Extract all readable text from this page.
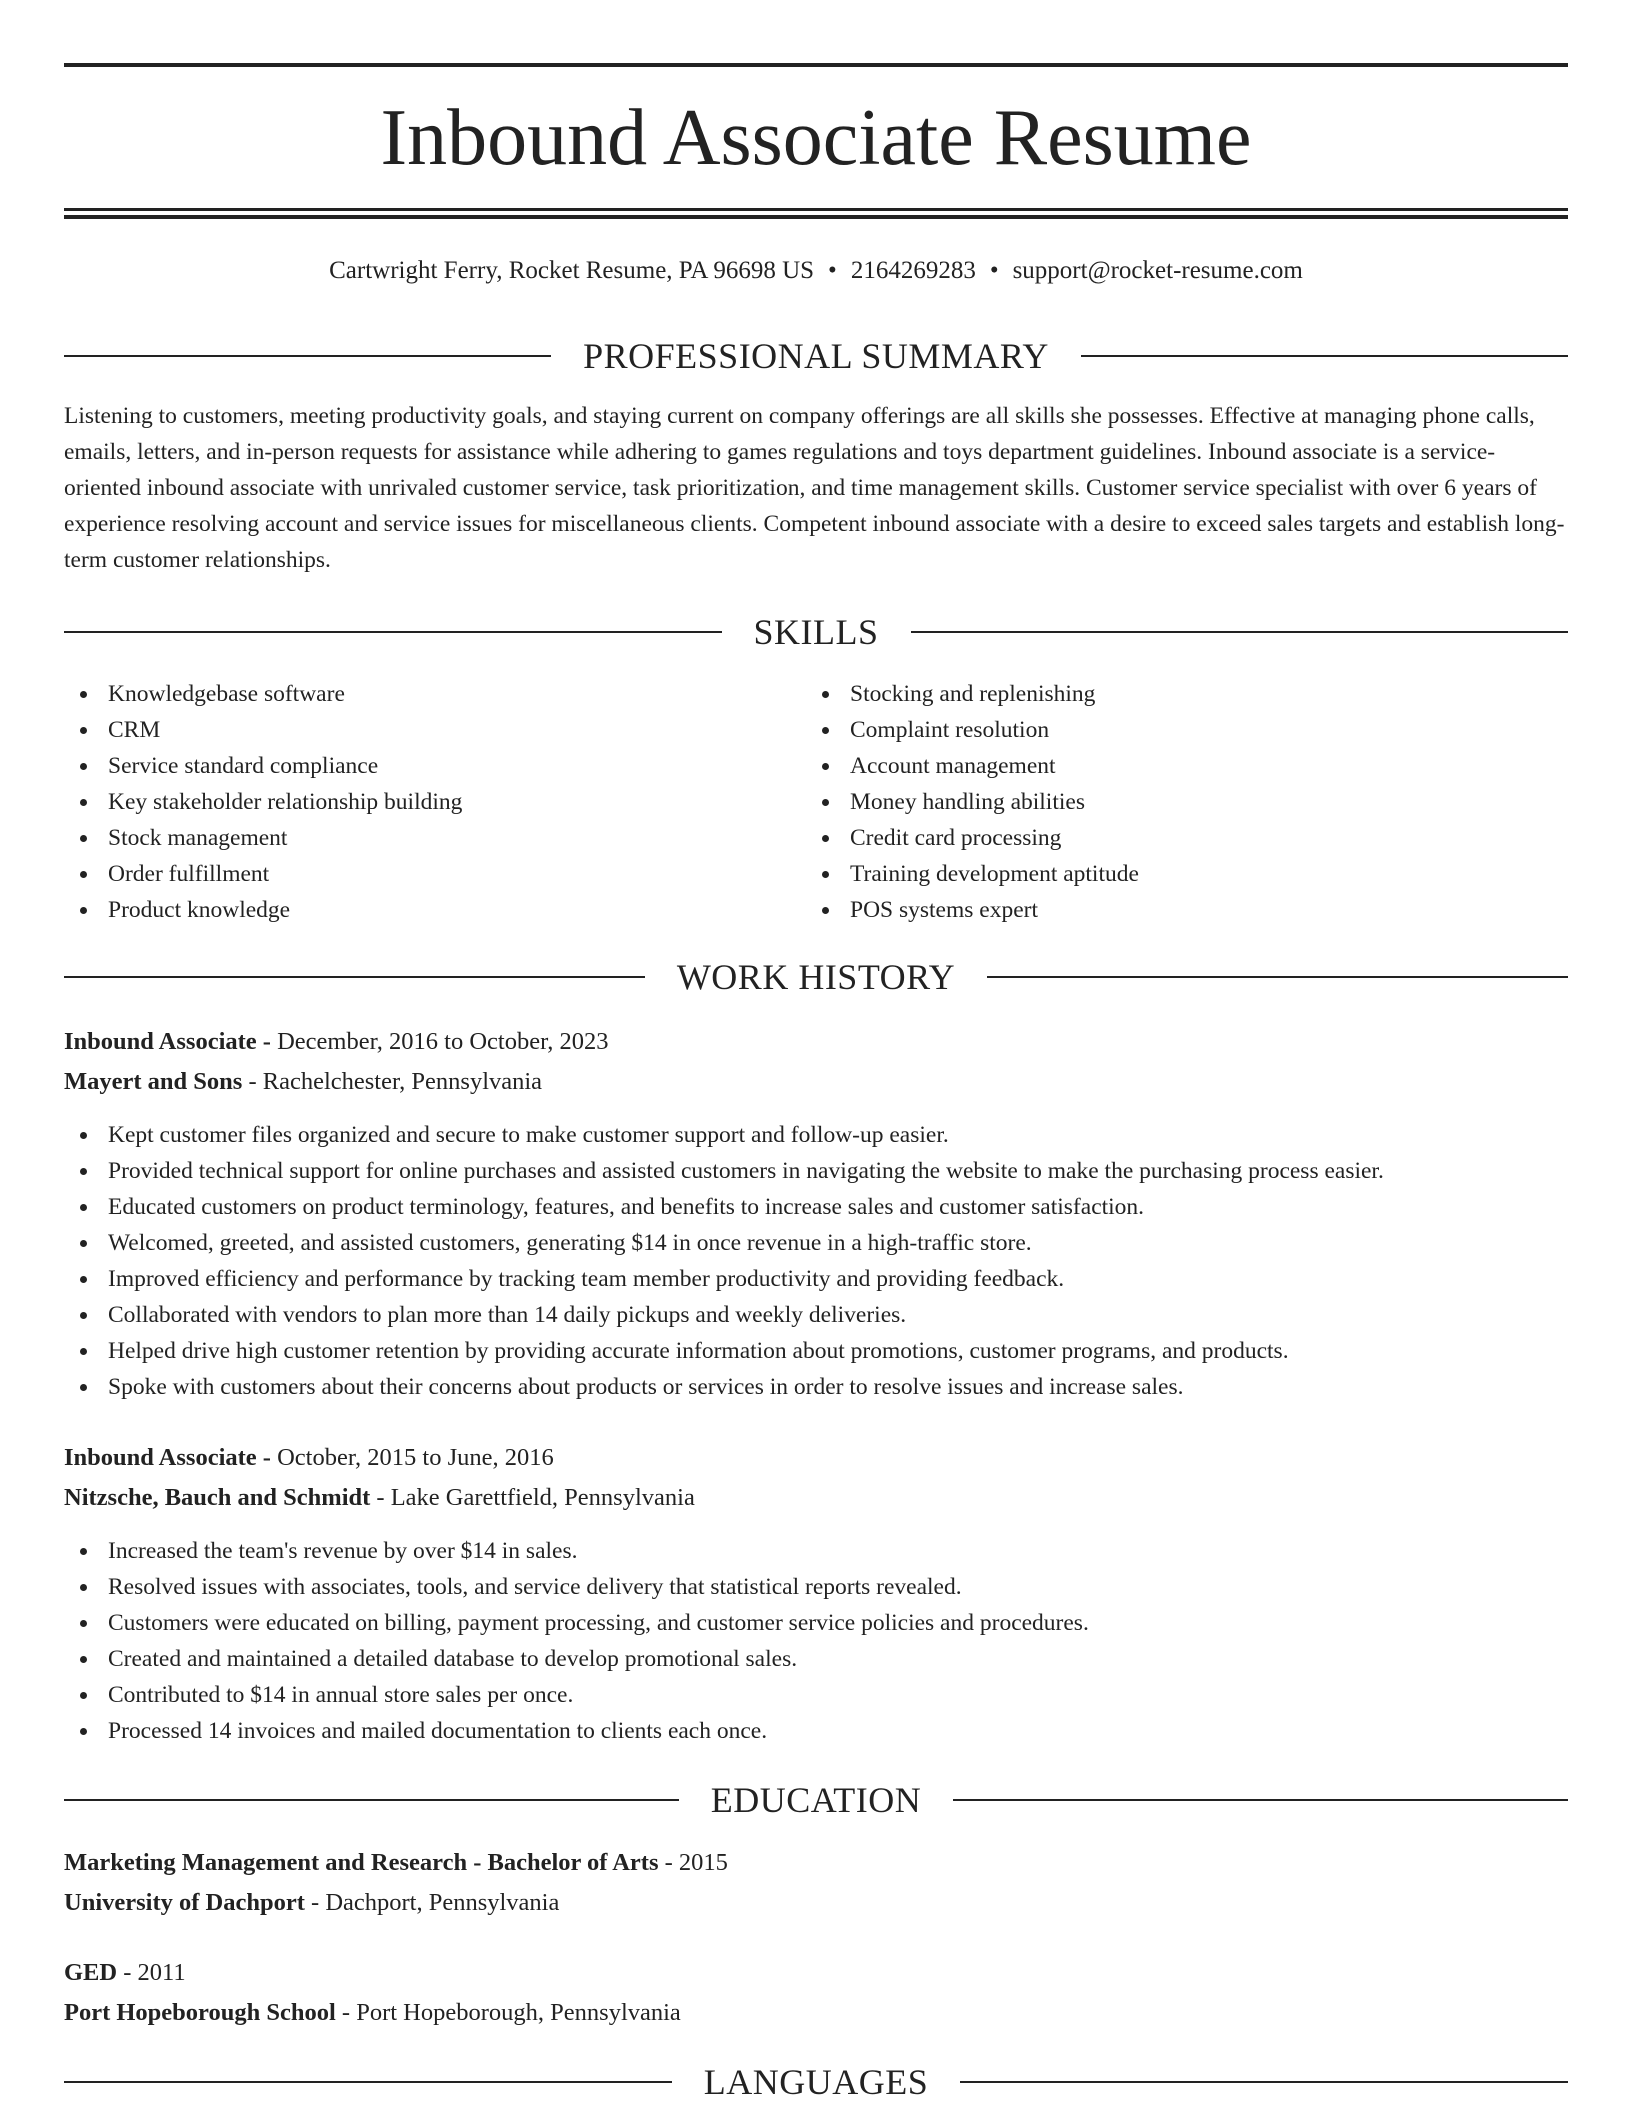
Inbound Associate Resume
Cartwright Ferry, Rocket Resume, PA 96698 US • 2164269283 • support@rocket-resume.com
PROFESSIONAL SUMMARY

Listening to customers, meeting productivity goals, and staying current on company offerings are all skills she possesses. Effective at managing phone calls, emails, letters, and in-person requests for assistance while adhering to games regulations and toys department guidelines. Inbound associate is a service-oriented inbound associate with unrivaled customer service, task prioritization, and time management skills. Customer service specialist with over 6 years of experience resolving account and service issues for miscellaneous clients. Competent inbound associate with a desire to exceed sales targets and establish long-term customer relationships.

SKILLS
Knowledgebase software
CRM
Service standard compliance
Key stakeholder relationship building
Stock management
Order fulfillment
Product knowledge
Stocking and replenishing
Complaint resolution
Account management
Money handling abilities
Credit card processing
Training development aptitude
POS systems expert
WORK HISTORY
Inbound Associate - December, 2016 to October, 2023
Mayert and Sons - Rachelchester, Pennsylvania
Kept customer files organized and secure to make customer support and follow-up easier.
Provided technical support for online purchases and assisted customers in navigating the website to make the purchasing process easier.
Educated customers on product terminology, features, and benefits to increase sales and customer satisfaction.
Welcomed, greeted, and assisted customers, generating $14 in once revenue in a high-traffic store.
Improved efficiency and performance by tracking team member productivity and providing feedback.
Collaborated with vendors to plan more than 14 daily pickups and weekly deliveries.
Helped drive high customer retention by providing accurate information about promotions, customer programs, and products.
Spoke with customers about their concerns about products or services in order to resolve issues and increase sales.
Inbound Associate - October, 2015 to June, 2016
Nitzsche, Bauch and Schmidt - Lake Garettfield, Pennsylvania
Increased the team's revenue by over $14 in sales.
Resolved issues with associates, tools, and service delivery that statistical reports revealed.
Customers were educated on billing, payment processing, and customer service policies and procedures.
Created and maintained a detailed database to develop promotional sales.
Contributed to $14 in annual store sales per once.
Processed 14 invoices and mailed documentation to clients each once.
EDUCATION
Marketing Management and Research - Bachelor of Arts - 2015
University of Dachport - Dachport, Pennsylvania
GED - 2011
Port Hopeborough School - Port Hopeborough, Pennsylvania
LANGUAGES
